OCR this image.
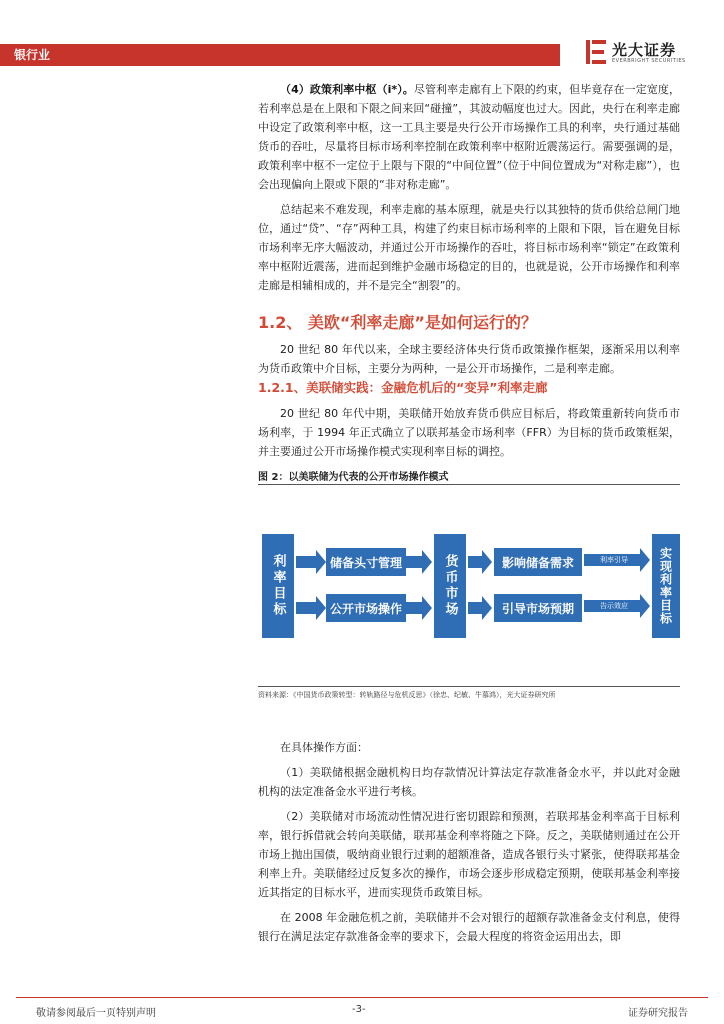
银行业	光大证券
EVERBRIGHT SECURITIES

（4）政策利率中枢（i*）。尽管利率走廊有上下限的约束，但毕竟存在一定宽度，若利率总是在上限和下限之间来回“碰撞”，其波动幅度也过大。因此，央行在利率走廊中设定了政策利率中枢，这一工具主要是央行公开市场操作工具的利率，央行通过基础货币的吞吐，尽量将目标市场利率控制在政策利率中枢附近震荡运行。需要强调的是，政策利率中枢不一定位于上限与下限的“中间位置”（位于中间位置成为“对称走廊”），也会出现偏向上限或下限的“非对称走廊”。

总结起来不难发现，利率走廊的基本原理，就是央行以其独特的货币供给总闸门地位，通过“贷”、“存”两种工具，构建了约束目标市场利率的上限和下限，旨在避免目标市场利率无序大幅波动，并通过公开市场操作的吞吐，将目标市场利率“锁定”在政策利率中枢附近震荡，进而起到维护金融市场稳定的目的，也就是说，公开市场操作和利率走廊是相辅相成的，并不是完全“割裂”的。

1.2、 美欧“利率走廊”是如何运行的？

20 世纪 80 年代以来，全球主要经济体央行货币政策操作框架，逐渐采用以利率为货币政策中介目标，主要分为两种，一是公开市场操作，二是利率走廊。

1.2.1、美联储实践：金融危机后的“变异”利率走廊

20 世纪 80 年代中期，美联储开始放弃货币供应目标后，将政策重新转向货币市场利率，于 1994 年正式确立了以联邦基金市场利率（FFR）为目标的货币政策框架，并主要通过公开市场操作模式实现利率目标的调控。

图 2：以美联储为代表的公开市场操作模式
利率目标	储备头寸管理
公开市场操作	货币市场	影响储备需求
引导市场预期
利率引导
告示效应	实现利率目标
资料来源：《中国货币政策转型：转轨路径与危机反思》（徐忠、纪敏、牛慕鸿），光大证券研究所

在具体操作方面：

（1）美联储根据金融机构日均存款情况计算法定存款准备金水平，并以此对金融机构的法定准备金水平进行考核。

（2）美联储对市场流动性情况进行密切跟踪和预测，若联邦基金利率高于目标利率，银行拆借就会转向美联储，联邦基金利率将随之下降。反之，美联储则通过在公开市场上抛出国债，吸纳商业银行过剩的超额准备，造成各银行头寸紧张，使得联邦基金利率上升。美联储经过反复多次的操作，市场会逐步形成稳定预期，使联邦基金利率接近其指定的目标水平，进而实现货币政策目标。

在 2008 年金融危机之前，美联储并不会对银行的超额存款准备金支付利息，使得银行在满足法定存款准备金率的要求下，会最大程度的将资金运用出去，即

敬请参阅最后一页特别声明	-3-	证券研究报告
